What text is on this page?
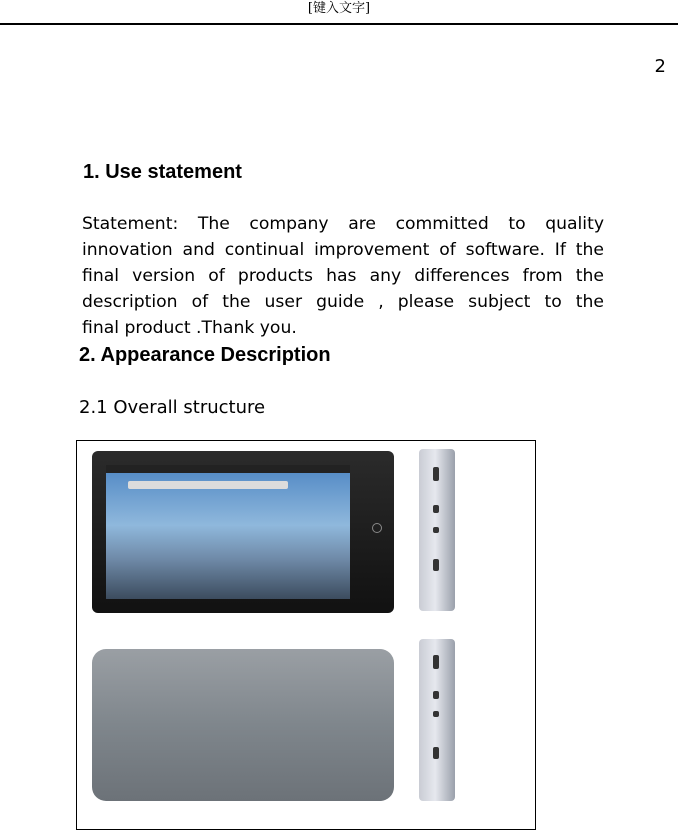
[键入文字]
2
1. Use statement

Statement: The company are committed to quality innovation and continual improvement of software. If the final version of products has any differences from the description of the user guide , please subject to the
final product .Thank you.

2. Appearance Description
2.1 Overall structure
